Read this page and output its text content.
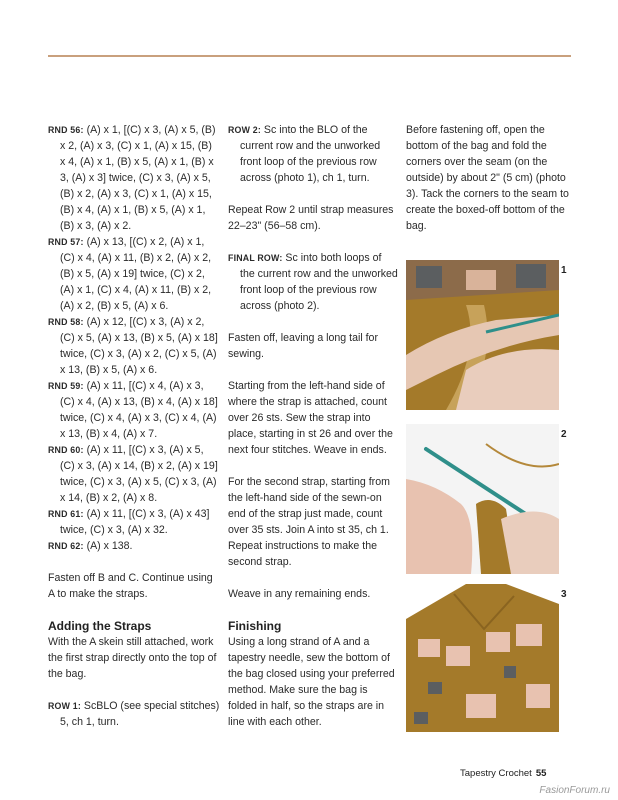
RND 56: (A) x 1, [(C) x 3, (A) x 5, (B) x 2, (A) x 3, (C) x 1, (A) x 15, (B) x 4, (A) x 1, (B) x 5, (A) x 1, (B) x 3, (A) x 3] twice, (C) x 3, (A) x 5, (B) x 2, (A) x 3, (C) x 1, (A) x 15, (B) x 4, (A) x 1, (B) x 5, (A) x 1, (B) x 3, (A) x 2.

RND 57: (A) x 13, [(C) x 2, (A) x 1, (C) x 4, (A) x 11, (B) x 2, (A) x 2, (B) x 5, (A) x 19] twice, (C) x 2, (A) x 1, (C) x 4, (A) x 11, (B) x 2, (A) x 2, (B) x 5, (A) x 6.

RND 58: (A) x 12, [(C) x 3, (A) x 2, (C) x 5, (A) x 13, (B) x 5, (A) x 18] twice, (C) x 3, (A) x 2, (C) x 5, (A) x 13, (B) x 5, (A) x 6.

RND 59: (A) x 11, [(C) x 4, (A) x 3, (C) x 4, (A) x 13, (B) x 4, (A) x 18] twice, (C) x 4, (A) x 3, (C) x 4, (A) x 13, (B) x 4, (A) x 7.

RND 60: (A) x 11, [(C) x 3, (A) x 5, (C) x 3, (A) x 14, (B) x 2, (A) x 19] twice, (C) x 3, (A) x 5, (C) x 3, (A) x 14, (B) x 2, (A) x 8.

RND 61: (A) x 11, [(C) x 3, (A) x 43] twice, (C) x 3, (A) x 32.

RND 62: (A) x 138.

Fasten off B and C. Continue using A to make the straps.

Adding the Straps

With the A skein still attached, work the first strap directly onto the top of the bag.

ROW 1: ScBLO (see special stitches) 5, ch 1, turn.

ROW 2: Sc into the BLO of the current row and the unworked front loop of the previous row across (photo 1), ch 1, turn.

Repeat Row 2 until strap measures 22–23" (56–58 cm).

FINAL ROW: Sc into both loops of the current row and the unworked front loop of the previous row across (photo 2).

Fasten off, leaving a long tail for sewing.

Starting from the left-hand side of where the strap is attached, count over 26 sts. Sew the strap into place, starting in st 26 and over the next four stitches. Weave in ends.

For the second strap, starting from the left-hand side of the sewn-on end of the strap just made, count over 35 sts. Join A into st 35, ch 1. Repeat instructions to make the second strap.

Weave in any remaining ends.

Finishing

Using a long strand of A and a tapestry needle, sew the bottom of the bag closed using your preferred method. Make sure the bag is folded in half, so the straps are in line with each other.

Before fastening off, open the bottom of the bag and fold the corners over the seam (on the outside) by about 2" (5 cm) (photo 3). Tack the corners to the seam to create the boxed-off bottom of the bag.

1
2
3
Tapestry Crochet 55
FasionForum.ru
